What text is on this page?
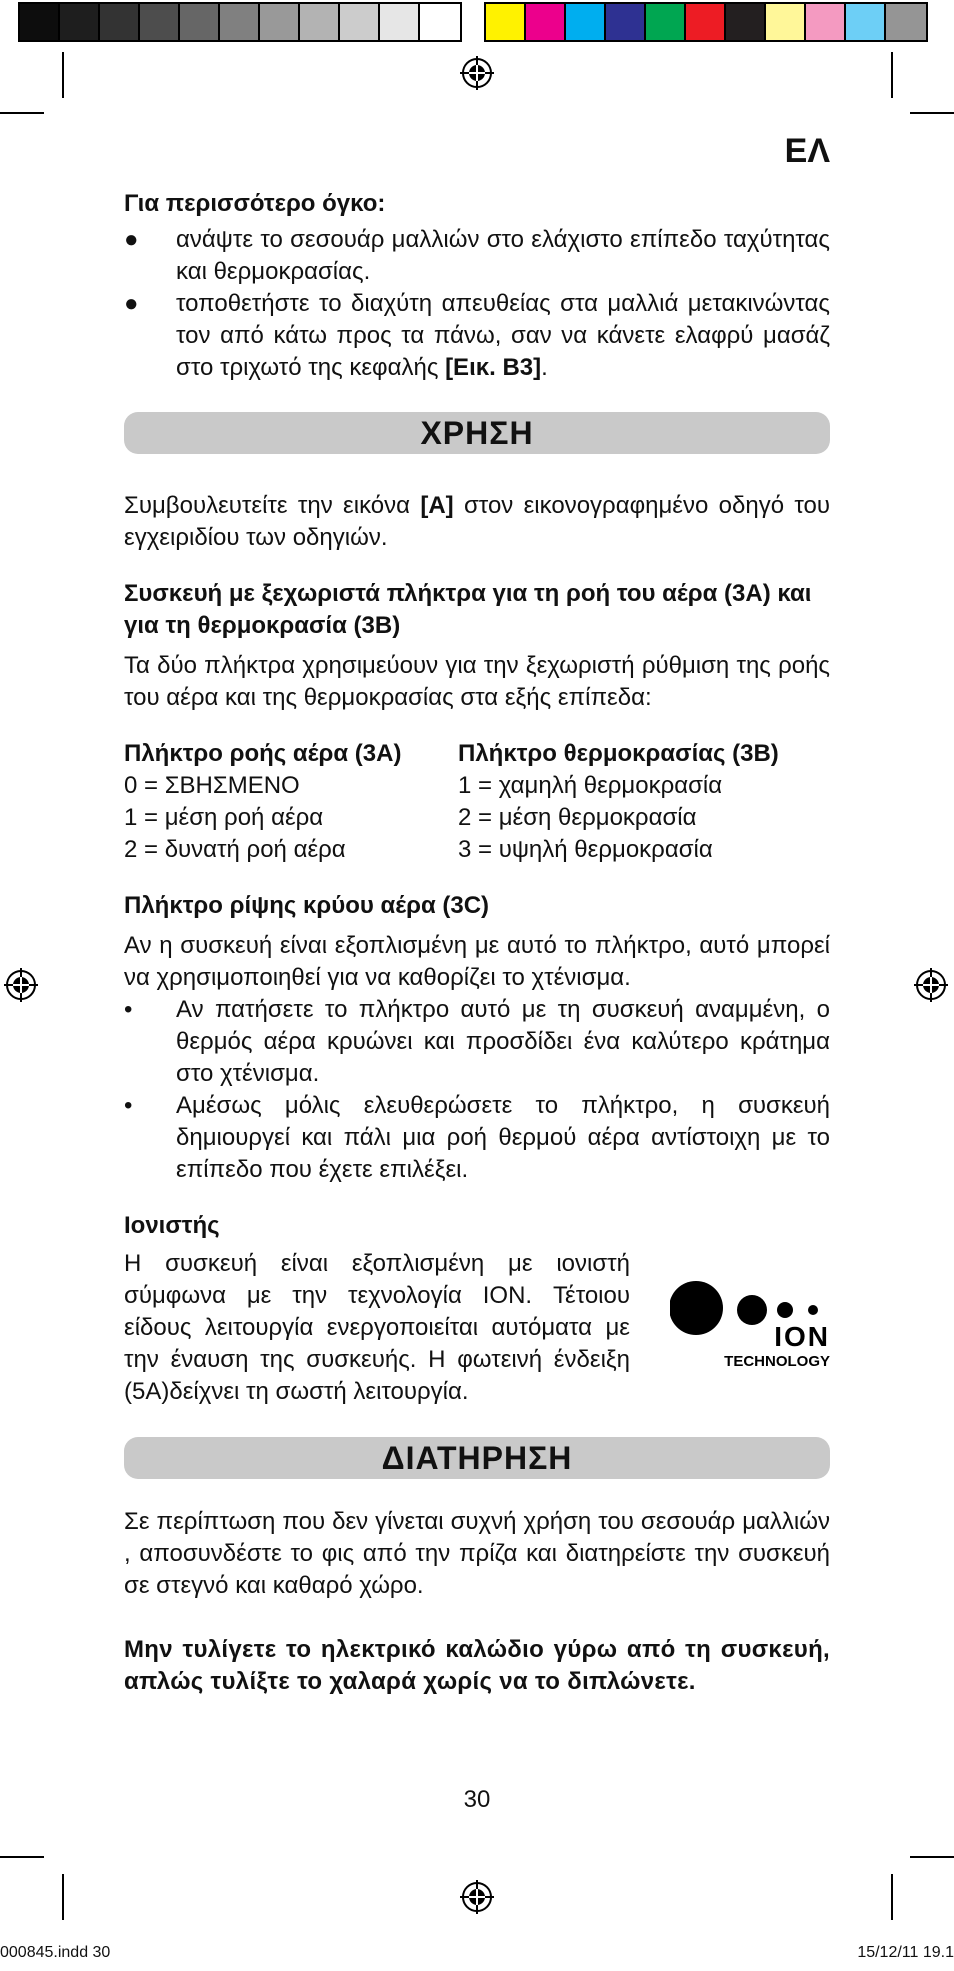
ΕΛ

Για περισσότερο όγκο:

● ανάψτε το σεσουάρ μαλλιών στο ελάχιστο επίπεδο ταχύτητας και θερμοκρασίας.
● τοποθετήστε το διαχύτη απευθείας στα μαλλιά μετακινώντας τον από κάτω προς τα πάνω, σαν να κάνετε ελαφρύ μασάζ στο τριχωτό της κεφαλής [Εικ. Β3].
ΧΡΗΣΗ

Συμβουλευτείτε την εικόνα [A] στον εικονογραφημένο οδηγό του εγχειριδίου των οδηγιών.

Συσκευή με ξεχωριστά πλήκτρα για τη ροή του αέρα (3A) και για τη θερμοκρασία (3B)

Τα δύο πλήκτρα χρησιμεύουν για την ξεχωριστή ρύθμιση της ροής του αέρα και της θερμοκρασίας στα εξής επίπεδα:

Πλήκτρο ροής αέρα (3A)
0 = ΣΒΗΣΜΕΝΟ
1 = μέση ροή αέρα
2 = δυνατή ροή αέρα
Πλήκτρο θερμοκρασίας (3B)
1 = χαμηλή θερμοκρασία
2 = μέση θερμοκρασία
3 = υψηλή θερμοκρασία

Πλήκτρο ρίψης κρύου αέρα (3C)

Αν η συσκευή είναι εξοπλισμένη με αυτό το πλήκτρο, αυτό μπορεί να χρησιμοποιηθεί για να καθορίζει το χτένισμα.

• Αν πατήσετε το πλήκτρο αυτό με τη συσκευή αναμμένη, ο θερμός αέρα κρυώνει και προσδίδει ένα καλύτερο κράτημα στο χτένισμα.
• Αμέσως μόλις ελευθερώσετε το πλήκτρο, η συσκευή δημιουργεί και πάλι μια ροή θερμού αέρα αντίστοιχη με το επίπεδο που έχετε επιλέξει.

Ιονιστής

Η συσκευή είναι εξοπλισμένη με ιονιστή σύμφωνα με την τεχνολογία ION. Τέτοιου είδους λειτουργία ενεργοποιείται αυτόματα με την έναυση της συσκευής. Η φωτεινή ένδειξη (5A)δείχνει τη σωστή λειτουργία.

ION
TECHNOLOGY
ΔΙΑΤΗΡΗΣΗ

Σε περίπτωση που δεν γίνεται συχνή χρήση του σεσουάρ μαλλιών , αποσυνδέστε το φις από την πρίζα και διατηρείστε την συσκευή σε στεγνό και καθαρό χώρο.

Μην τυλίγετε το ηλεκτρικό καλώδιο γύρω από τη συσκευή, απλώς τυλίξτε το χαλαρά χωρίς να το διπλώνετε.

30
000845.indd 30	15/12/11 19.1
